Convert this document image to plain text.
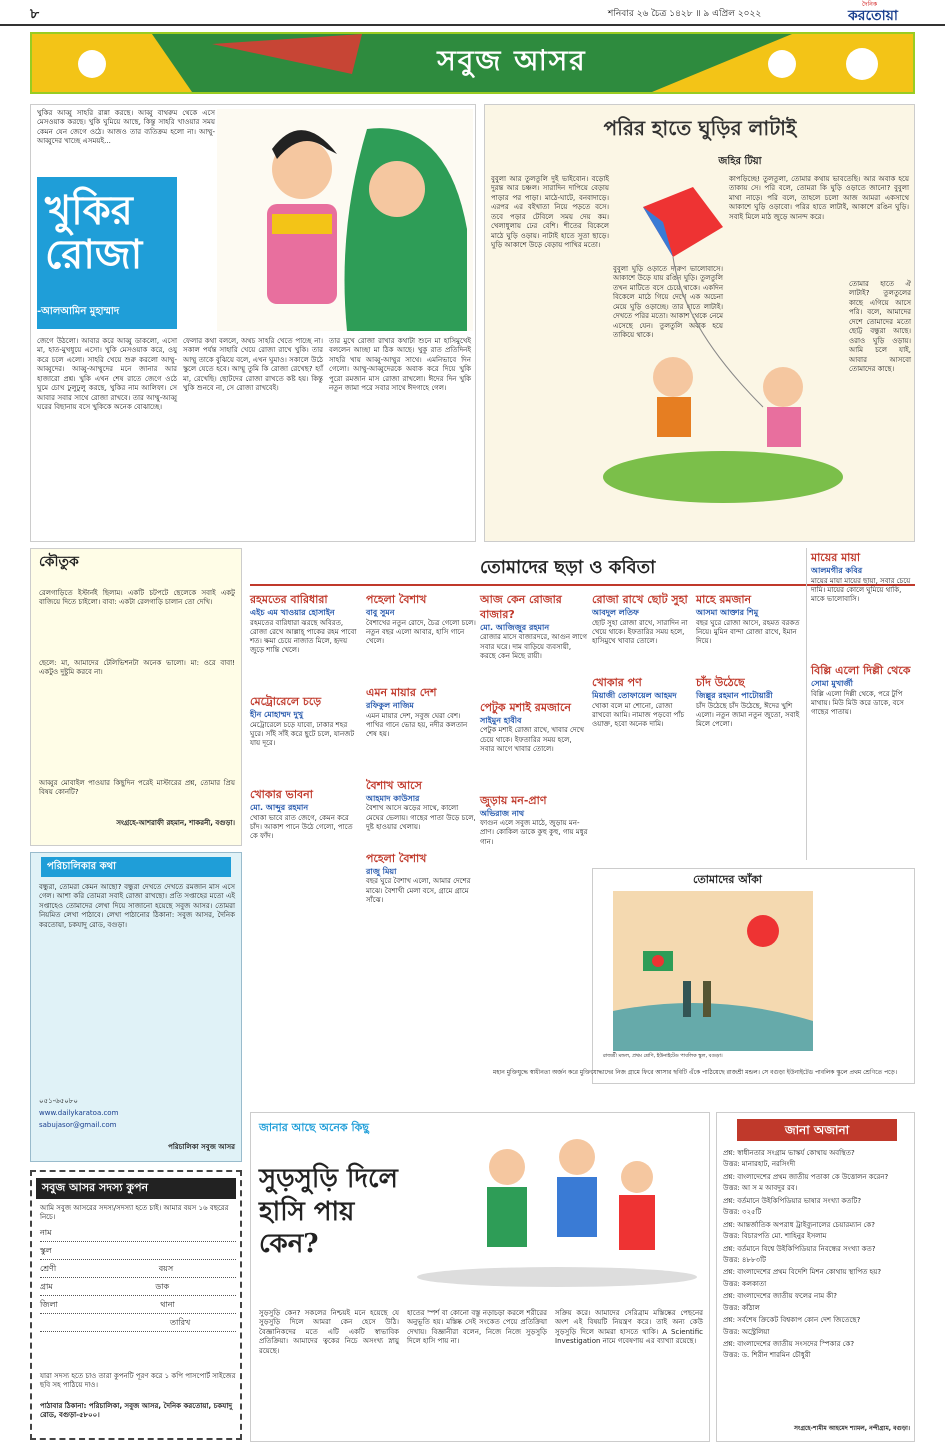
৮	শনিবার ২৬ চৈত্র ১৪২৮ ॥ ৯ এপ্রিল ২০২২
দৈনিক
করতোয়া
সবুজ আসর
খুকির আব্বু সাহরি রান্না করছে। আব্বু বাথরুম থেকে এসে মেসওয়াক করছে। খুকি ঘুমিয়ে আছে, কিন্তু সাহরি খাওয়ার সময় কেমন যেন জেগে ওঠে। আজও তার ব্যতিক্রম হলো না। আম্মু-আব্বুদের খাচ্ছে এসময়ই...
খুকির রোজা
-আলআমিন মুহাম্মাদ
জেগে উঠলো। আবার করে আব্বু ডাকলো, এসো মা, হাত-মুখধুয়ে এসো। খুকি মেসওয়াক করে, ওযু করে চলে এলো। সাহরি খেয়ে শুরু করলো আম্মু-আব্বুদের। আব্বু-আম্মুদের মনে জানার আর হাজারো প্রশ্ন। খুকি এখন শেষ রাতে জেগে ওঠে ঘুমে চোখ ঢুলুঢুলু করছে, খুকির নাম আলিফা। সে আবার সবার সাথে রোজা রাখবে। তার আম্মু-আব্বু ঘরের বিছানায় বসে খুকিকে অনেক বোঝাচ্ছে।
ফেলার কথা বললে, অথচ সাহরি খেতে পাচ্ছে না। সকাল পর্যন্ত সাহারি খেয়ে রোজা রাখে খুকি। তার আম্মু তাকে বুঝিয়ে বলে, এখন ঘুমাও। সকালে উঠে স্কুলে যেতে হবে। আম্মু তুমি কি রোজা রেখেছ? হ্যাঁ মা, রেখেছি। ছোটদের রোজা রাখতে কষ্ট হয়। কিন্তু খুকি শুনবে না, সে রোজা রাখবেই।
তার মুখে রোজা রাখার কথাটা শুনে মা হাসিমুখেই বললেন আচ্ছা মা ঠিক আছে। খুকু রাত প্রতিদিনই সাহরি খায় আব্বু-আম্মুর সাথে। এমনিভাবে দিন গেলো। আম্মু-আব্বুদেরকে অবাক করে দিয়ে খুকি পুরো রমজান মাস রোজা রাখলো। ঈদের দিন খুকি নতুন জামা পরে সবার সাথে ঈদগাহে গেল।
পরির হাতে ঘুড়ির লাটাই
জহির টিয়া
বুবুলা আর তুলতুলি দুই ভাইবোন। বড়োই দুরন্ত আর চঞ্চল। সারাদিন দাপিয়ে বেড়ায় পাড়ার পর পাড়া। মাঠে-ঘাটে, বনবাদাড়ে। এরপর এর বইখাতা নিয়ে পড়তে বসে। তবে পড়ার টেবিলে সময় দেয় কম। খেলাধুলায় ঢের বেশি। শীতের বিকেলে মাঠে ঘুড়ি ওড়ায়। নাটাই হাতে সুতা ছাড়ে। ঘুড়ি আকাশে উড়ে বেড়ায় পাখির মতো।
বুবুলা ঘুড়ি ওড়াতে দারুণ ভালোবাসে। আকাশে উড়ে যায় রঙিন ঘুড়ি। তুলতুলি তখন মাটিতে বসে চেয়ে থাকে। একদিন বিকেলে মাঠে গিয়ে দেখে এক অচেনা মেয়ে ঘুড়ি ওড়াচ্ছে। তার হাতে লাটাই। দেখতে পরির মতো। আকাশ থেকে নেমে এসেছে যেন। তুলতুলি অবাক হয়ে তাকিয়ে থাকে।
কাপড়িচ্ছে! তুলতুলা, তোমার কথায় ভাবতেছি। আর অবাক হয়ে তাকায় সে। পরি বলে, তোমরা কি ঘুড়ি ওড়াতে জানো? বুবুলা মাথা নাড়ে। পরি বলে, তাহলে চলো আজ আমরা একসাথে আকাশে ঘুড়ি ওড়াবো। পরির হাতে লাটাই, আকাশে রঙিন ঘুড়ি। সবাই মিলে মাঠ জুড়ে আনন্দ করে।
তোমার হাতে ঐ লাটাই? তুলতুলের কাছে এগিয়ে আসে পরি। বলে, আমাদের দেশে তোমাদের মতো ছোট্ট বন্ধুরা আছে। ওরাও ঘুড়ি ওড়ায়। আমি চলে যাই, আবার আসবো তোমাদের কাছে।
কৌতুক
রেলগাড়িতে ইস্টার্নই ছিলাম। একটি চটপটে ছেলেকে সবাই একটু বাজিয়ে দিতে চাইলো। বাবা: একটা রেলগাড়ি চালান তো দেখি।
ছেলে: মা, আমাদের টেলিভিশনটা অনেক ভালো। মা: ওরে বাবা! একটুও দুষ্টুমি করবে না।
আব্বুর মোবাইল পাওয়ার কিছুদিন পরেই মাস্টারের প্রশ্ন, তোমার প্রিয় বিষয় কোনটি?
সংগ্রহে-আশরাফী রহমান, শাকরনী, বগুড়া।
পরিচালিকার কথা
বন্ধুরা, তোমরা কেমন আছো? বন্ধুরা দেখতে দেখতে রমজান মাস এসে গেল। আশা করি তোমরা সবাই রোজা রাখছো। প্রতি সপ্তাহের মতো এই সপ্তাহেও তোমাদের লেখা দিয়ে সাজানো হয়েছে সবুজ আসর। তোমরা নিয়মিত লেখা পাঠাবে। লেখা পাঠানোর ঠিকানা: সবুজ আসর, দৈনিক করতোয়া, চকযাদু রোড, বগুড়া।
০৫১-৬৫০৮০
www.dailykaratoa.com
sabujasor@gmail.com
পরিচালিকা সবুজ আসর
সবুজ আসর সদস্য কুপন
আমি সবুজ আসরের সদস্য/সদস্যা হতে চাই। আমার বয়স ১৬ বছরের নিচে।
নাম
স্কুল
শ্রেণী	বয়স
গ্রাম	ডাক
জিলা	থানা
তারিখ
যারা সদস্য হতে চাও তারা কুপনটি পূরণ করে ১ কপি পাসপোর্ট সাইজের ছবি সহ পাঠিয়ে দাও।
পাঠাবার ঠিকানা: পরিচালিকা, সবুজ আসর, দৈনিক করতোয়া, চকযাদু রোড, বগুড়া-৫৮০০।
তোমাদের ছড়া ও কবিতা
রহমতের বারিধারা
এইচ এম খাওয়ার হোসাইন
রহমতের বারিধারা ঝরছে অবিরত, রোজা রেখে আল্লাহ্ পাকের রহম পাবো শত। ক্ষমা চেয়ে নাজাত মিলে, হৃদয় জুড়ে শান্তি খেলে।
মেট্রোরেলে চড়ে
হীন মোহাম্মদ দুখু
মেট্রোরেলে চড়ে যাবো, ঢাকার শহর ঘুরে। সাঁই সাঁই করে ছুটে চলে, যানজট যায় দূরে।
খোকার ভাবনা
মো. আব্দুর রহমান
খোকা ভাবে রাত জেগে, কেমন করে চাঁদ। আকাশ পানে উঠে গেলো, পাতে কে ফাঁদ।
পহেলা বৈশাখ
বাবু সুমন
বৈশাখের নতুন রোদে, চৈত্র গেলো চলে। নতুন বছর এলো আবার, হাসি গানে খেলে।
এমন মায়ার দেশ
রফিকুল নাজিম
এমন মায়ার দেশ, সবুজ ঘেরা বেশ। পাখির গানে ভোর হয়, নদীর কলতান শেষ হয়।
বৈশাখ আসে
আহমাদ কাউসার
বৈশাখ আসে ঝড়ের সাথে, কালো মেঘের ভেলায়। গাছের পাতা উড়ে চলে, দুষ্ট হাওয়ার খেলায়।
পহেলা বৈশাখ
রাজু মিয়া
বছর ঘুরে বৈশাখ এলো, আমার দেশের মাঝে। বৈশাখী মেলা বসে, গ্রামে গ্রামে সাঁঝে।
আজ কেন রোজার বাজার?
মো. আজিজুর রহমান
রোজার মাসে বাজারদরে, আগুন লাগে সবার ঘরে। দাম বাড়িয়ে ব্যবসায়ী, করছে কেন মিছে রায়ী।
পেটুক মশাই রমজানে
সাইমুন হাবীব
পেটুক মশাই রোজা রাখে, খাবার দেখে চেয়ে থাকে। ইফতারির সময় হলে, সবার আগে খাবার তোলে।
জুড়ায় মন-প্রাণ
অভিরাজ নাথ
ফাগুন এলে সবুজ মাঠে, জুড়ায় মন-প্রাণ। কোকিল ডাকে কুহু কুহু, গায় মধুর গান।
রোজা রাখে ছোট সুহা
আবদুল লতিফ
ছোট সুহা রোজা রাখে, সারাদিন না খেয়ে থাকে। ইফতারির সময় হলে, হাসিমুখে খাবার তোলে।
খোকার পণ
মিয়াজী তোফায়েল আহমদ
খোকা বলে মা শোনো, রোজা রাখবো আমি। নামাজ পড়বো পাঁচ ওয়াক্ত, হবো অনেক দামি।
মাহে রমজান
আসমা আক্তার শিমু
বছর ঘুরে রোজা আসে, রহমত বরকত নিয়ে। মুমিন বান্দা রোজা রাখে, ইমান দিয়ে।
চাঁদ উঠেছে
জিল্লুর রহমান পাটোয়ারী
চাঁদ উঠেছে চাঁদ উঠেছে, ঈদের খুশি এলো। নতুন জামা নতুন জুতো, সবাই মিলে পেলো।
মায়ের মায়া
আলমগীর কবির
মায়ের মায়া মায়ের ছায়া, সবার চেয়ে দামি। মায়ের কোলে ঘুমিয়ে থাকি, মাকে ভালোবাসি।
বিল্লি এলো দিল্লী থেকে
সোমা মুখার্জী
বিল্লি এলো দিল্লী থেকে, পরে টুপি মাথায়। মিউ মিউ করে ডাকে, বসে গাছের পাতায়।
তোমাদের আঁকা
রাজশ্রী মন্ডল, প্রথম শ্রেণি, ইউনাইটেড পাবলিক স্কুল, বগুড়া।
মহান মুক্তিযুদ্ধে স্বাধীনতা অর্জন করে মুক্তিযোদ্ধাদের নিজ গ্রামে ফিরে আসার ছবিটি এঁকে পাঠিয়েছে রাজশ্রী মন্ডল। সে বগুড়া ইউনাইটেড পাবলিক স্কুলে প্রথম শ্রেণিতে পড়ে।
জানার আছে অনেক কিছু
সুড়সুড়ি দিলে হাসি পায় কেন?
সুড়সুড়ি কেন? সকলের নিশ্চয়ই মনে হয়েছে যে সুড়সুড়ি দিলে আমরা কেন হেসে উঠি। বৈজ্ঞানিকদের মতে এটি একটি স্বাভাবিক প্রতিক্রিয়া। আমাদের ত্বকের নিচে অসংখ্য স্নায়ু রয়েছে।
হাতের স্পর্শ বা কোনো বস্তু নড়াচড়া করলে শরীরের অনুভূতি হয়। মস্তিষ্ক সেই সংকেত পেয়ে প্রতিক্রিয়া দেখায়। বিজ্ঞানীরা বলেন, নিজে নিজে সুড়সুড়ি দিলে হাসি পায় না।
সক্রিয় করে। আমাদের সেরিব্রাম মস্তিষ্কের পেছনের অংশ এই বিষয়টি নিয়ন্ত্রণ করে। তাই অন্য কেউ সুড়সুড়ি দিলে আমরা হাসতে থাকি। A Scientific Investigation নামে গবেষণায় এর ব্যাখ্যা রয়েছে।
জানা অজানা
প্রশ্ন: স্বাধীনতার সংগ্রাম ভাস্কর্য কোথায় অবস্থিত?
উত্তর: মানারহাট, নরসিংদী
প্রশ্ন: বাংলাদেশের প্রথম জাতীয় পতাকা কে উত্তোলন করেন?
উত্তর: আ স ম আবদুর রব।
প্রশ্ন: বর্তমানে উইকিপিডিয়ার ভাষার সংখ্যা কতটি?
উত্তর: ৩২৫টি
প্রশ্ন: আন্তর্জাতিক অপরাধ ট্রাইব্যুনালের চেয়ারম্যান কে?
উত্তর: বিচারপতি মো. শাহিনুর ইসলাম
প্রশ্ন: বর্তমানে বিশ্বে উইকিপিডিয়ার নিবন্ধের সংখ্যা কত?
উত্তর: ৪৮৮৩টি
প্রশ্ন: বাংলাদেশের প্রথম বিদেশি মিশন কোথায় স্থাপিত হয়?
উত্তর: কলকাতা
প্রশ্ন: বাংলাদেশের জাতীয় ফলের নাম কী?
উত্তর: কাঁঠাল
প্রশ্ন: সর্বশেষ ক্রিকেট বিশ্বকাপ কোন দেশ জিতেছে?
উত্তর: অস্ট্রেলিয়া
প্রশ্ন: বাংলাদেশের জাতীয় সংসদের স্পিকার কে?
উত্তর: ড. শিরীন শারমিন চৌধুরী
সংগ্রহে-শামীম আহমেদ শ্যামল, নন্দীগ্রাম, বগুড়া।
